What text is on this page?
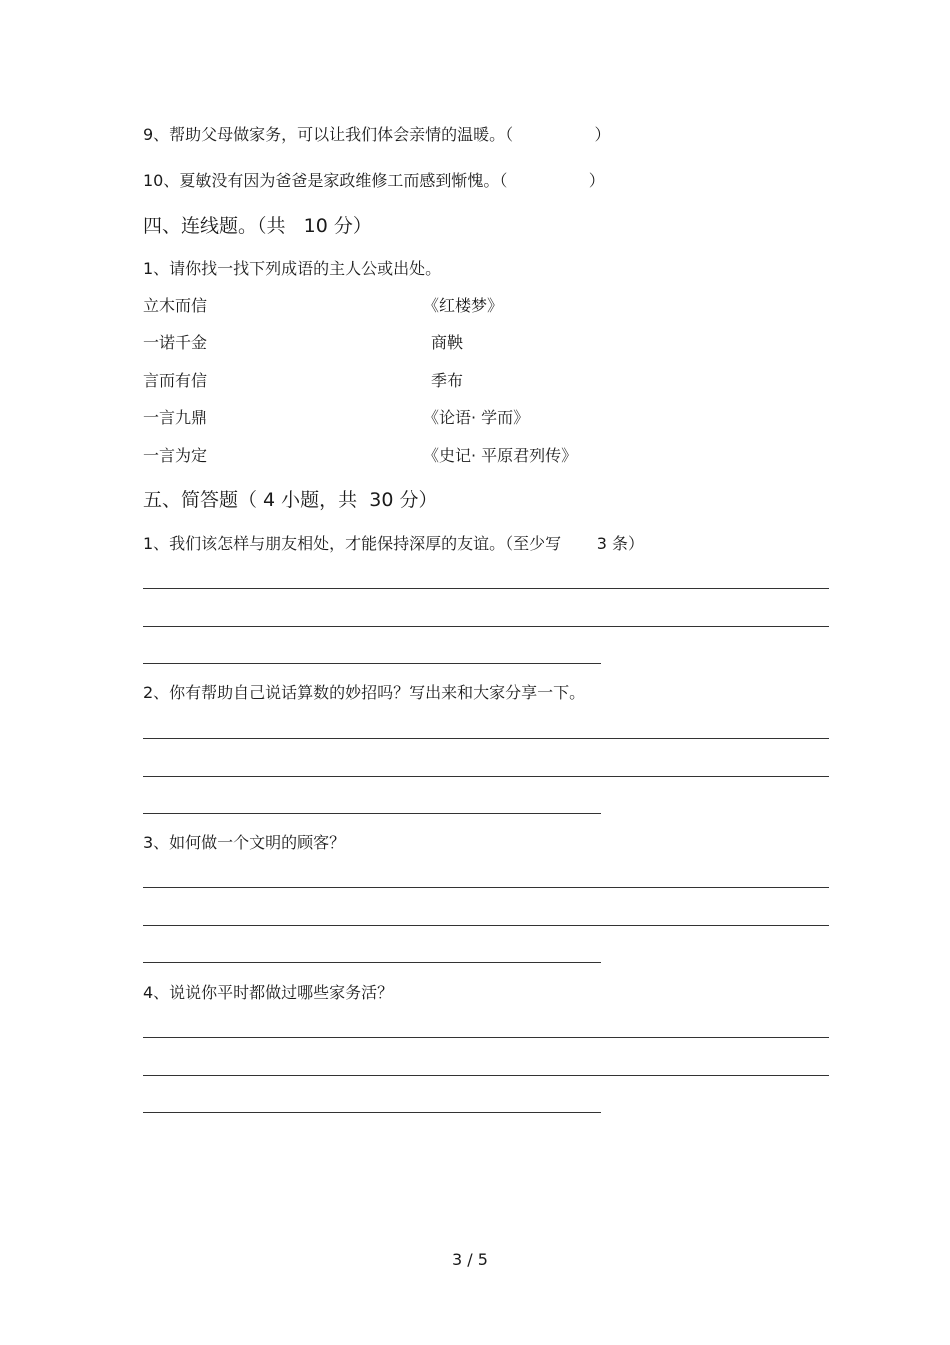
9、帮助父母做家务，可以让我们体会亲情的温暖。（                ）
10、夏敏没有因为爸爸是家政维修工而感到惭愧。（                ）
四、连线题。（共   10 分）
1、请你找一找下列成语的主人公或出处。
立木而信
一诺千金
言而有信
一言九鼎
一言为定
《红楼梦》
商鞅
季布
《论语· 学而》
《史记· 平原君列传》
五、简答题（ 4 小题，共  30 分）
1、我们该怎样与朋友相处，才能保持深厚的友谊。（至少写       3 条）
2、你有帮助自己说话算数的妙招吗？写出来和大家分享一下。
3、如何做一个文明的顾客？
4、说说你平时都做过哪些家务活？
3 / 5
